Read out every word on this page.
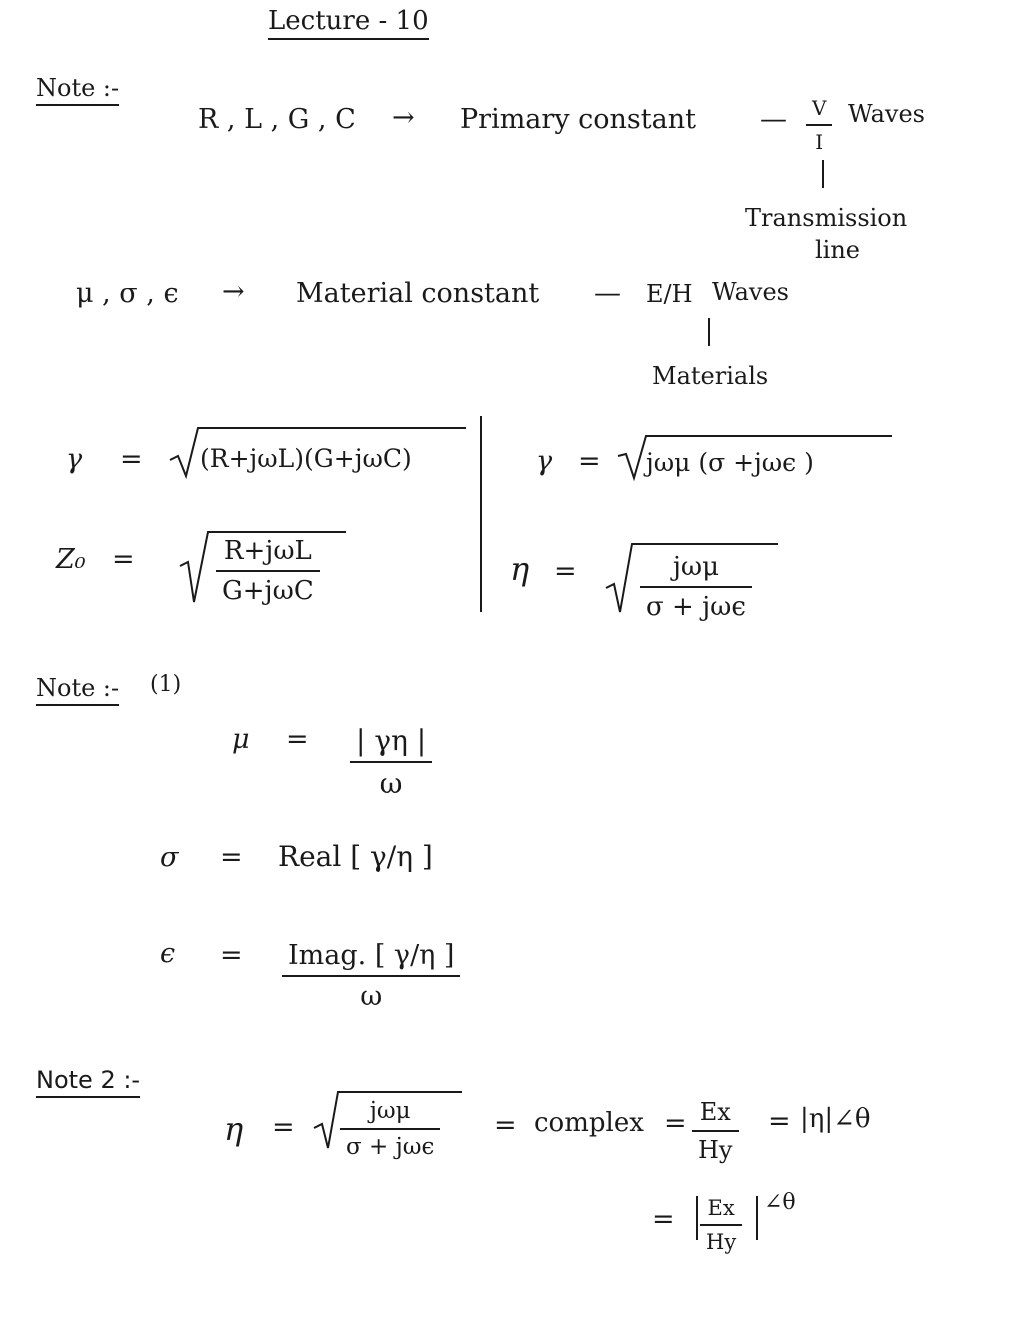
Lecture - 10
Note :-
R , L , G , C → Primary constant —	V
I
Waves
Transmission
line
μ , σ , ϵ → Material constant — E/H Waves
Materials
γ = (R+jωL)(G+jωC)
Z₀ =	R+jωL
G+jωC
γ = jωμ (σ +jωϵ )
η =	jωμ
σ + jωϵ
Note :- (1)
μ = | γη |
ω
σ = Real [ γ/η ]
ϵ = Imag. [ γ/η ]
ω
Note 2 :-
η =
jωμ
σ + jωϵ
= complex = Ex
Hy
= |η|∠θ
= Ex
Hy
∠θ
